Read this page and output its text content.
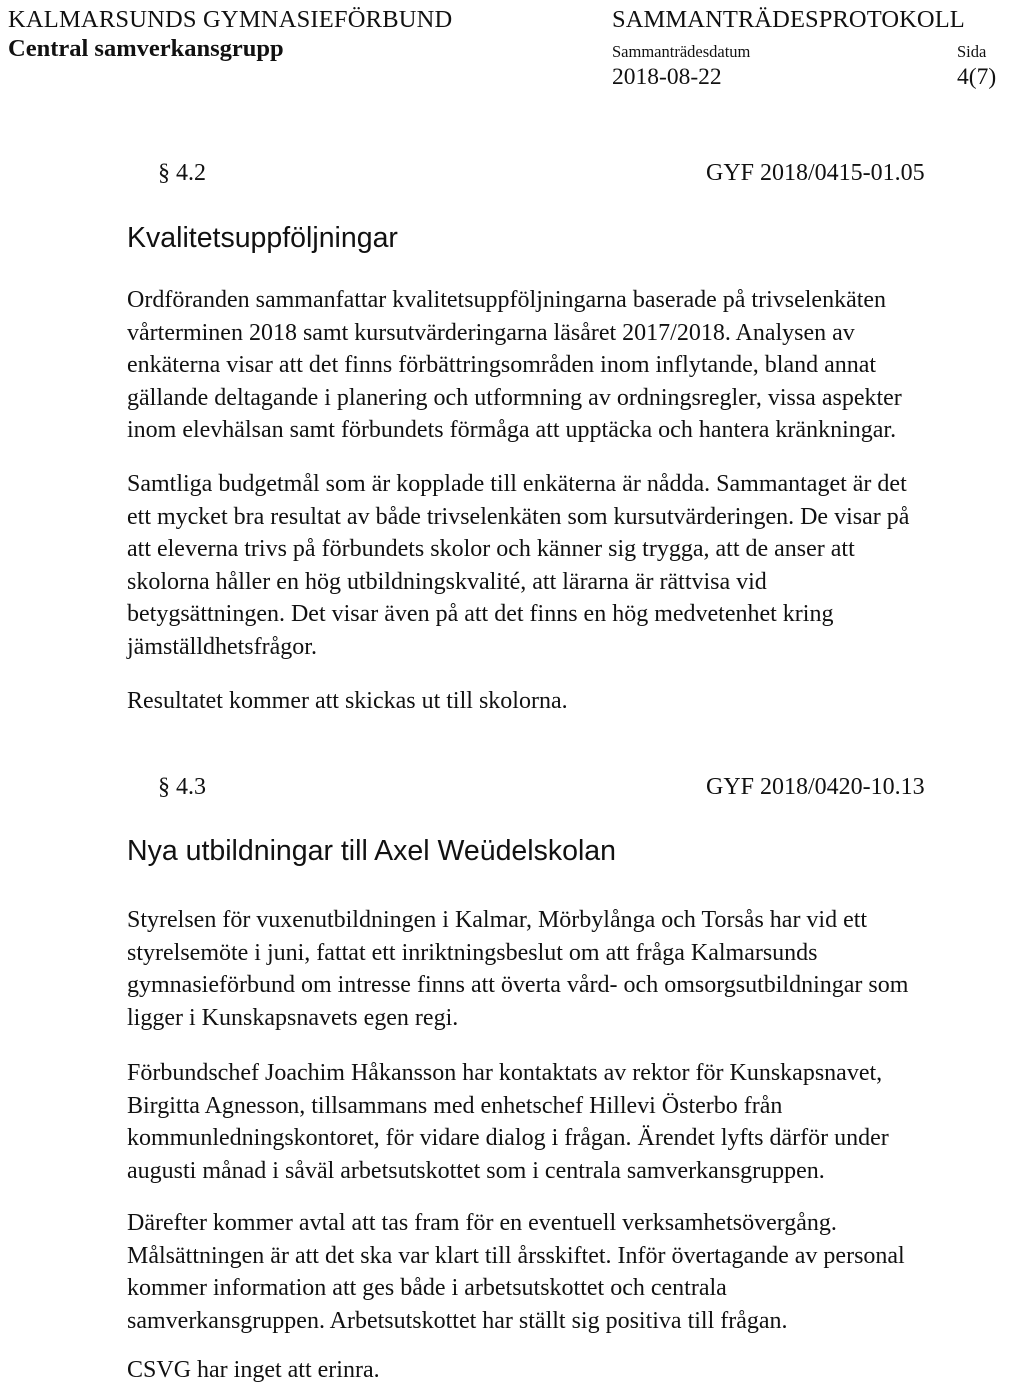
KALMARSUNDS GYMNASIEFÖRBUND
Central samverkansgrupp
SAMMANTRÄDESPROTOKOLL
Sammanträdesdatum	Sida
2018-08-22	4(7)
§ 4.2	GYF 2018/0415-01.05
Kvalitetsuppföljningar
Ordföranden sammanfattar kvalitetsuppföljningarna baserade på trivselenkäten
vårterminen 2018 samt kursutvärderingarna läsåret 2017/2018. Analysen av
enkäterna visar att det finns förbättringsområden inom inflytande, bland annat
gällande deltagande i planering och utformning av ordningsregler, vissa aspekter
inom elevhälsan samt förbundets förmåga att upptäcka och hantera kränkningar.
Samtliga budgetmål som är kopplade till enkäterna är nådda. Sammantaget är det
ett mycket bra resultat av både trivselenkäten som kursutvärderingen. De visar på
att eleverna trivs på förbundets skolor och känner sig trygga, att de anser att
skolorna håller en hög utbildningskvalité, att lärarna är rättvisa vid
betygsättningen. Det visar även på att det finns en hög medvetenhet kring
jämställdhetsfrågor.
Resultatet kommer att skickas ut till skolorna.
§ 4.3	GYF 2018/0420-10.13
Nya utbildningar till Axel Weüdelskolan
Styrelsen för vuxenutbildningen i Kalmar, Mörbylånga och Torsås har vid ett
styrelsemöte i juni, fattat ett inriktningsbeslut om att fråga Kalmarsunds
gymnasieförbund om intresse finns att överta vård- och omsorgsutbildningar som
ligger i Kunskapsnavets egen regi.
Förbundschef Joachim Håkansson har kontaktats av rektor för Kunskapsnavet,
Birgitta Agnesson, tillsammans med enhetschef Hillevi Österbo från
kommunledningskontoret, för vidare dialog i frågan. Ärendet lyfts därför under
augusti månad i såväl arbetsutskottet som i centrala samverkansgruppen.
Därefter kommer avtal att tas fram för en eventuell verksamhetsövergång.
Målsättningen är att det ska var klart till årsskiftet. Inför övertagande av personal
kommer information att ges både i arbetsutskottet och centrala
samverkansgruppen. Arbetsutskottet har ställt sig positiva till frågan.
CSVG har inget att erinra.
